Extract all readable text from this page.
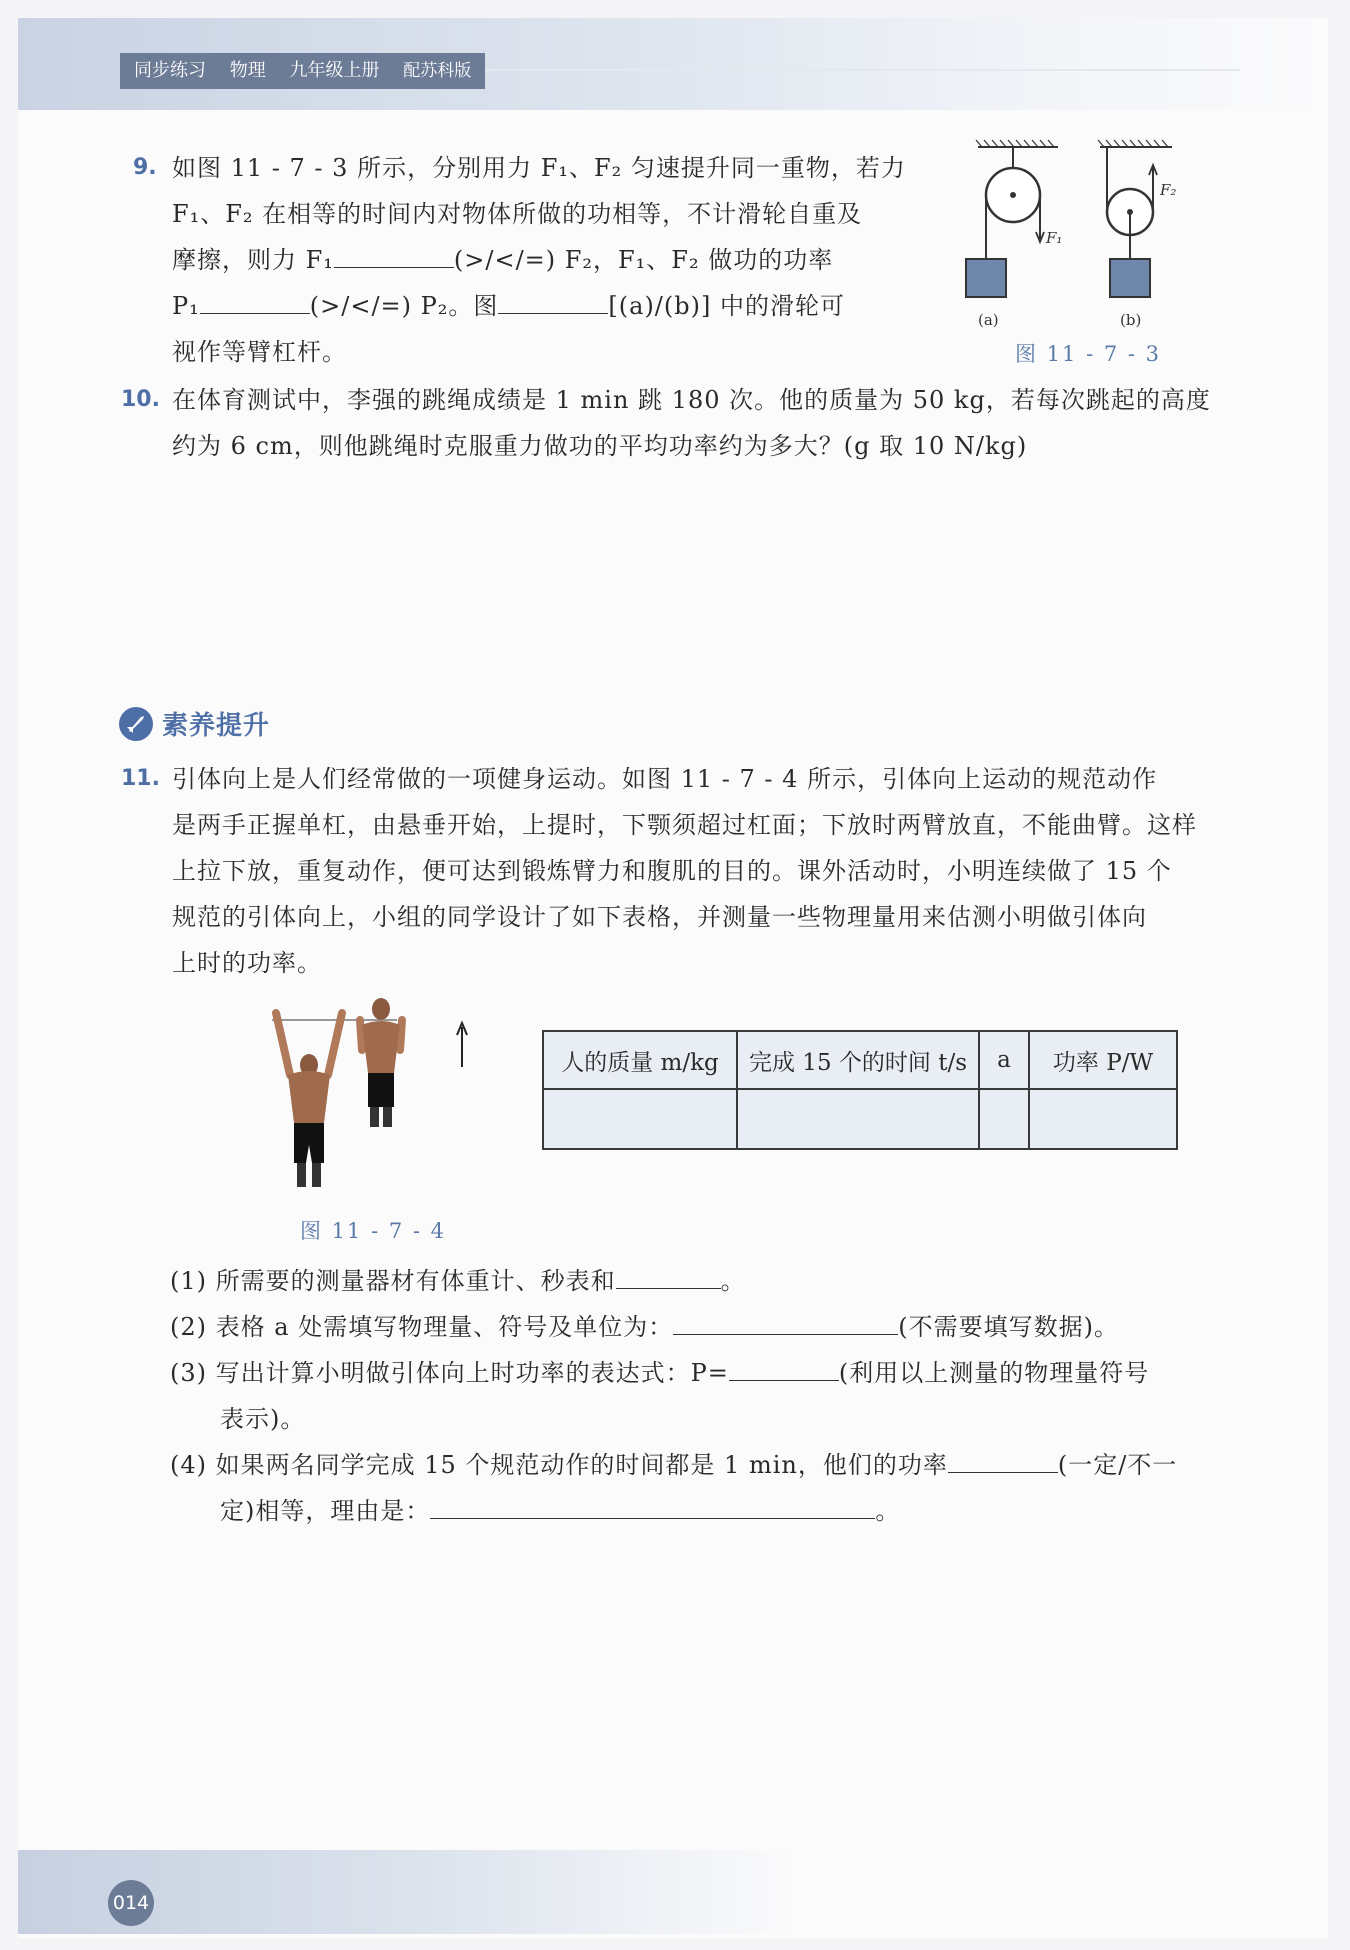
同步练习 物理 九年级上册 配苏科版
9. 如图 11 - 7 - 3 所示，分别用力 F₁、F₂ 匀速提升同一重物，若力
F₁、F₂ 在相等的时间内对物体所做的功相等，不计滑轮自重及
摩擦，则力 F₁	(>/</=) F₂，F₁、F₂ 做功的功率
P₁	(>/</=) P₂。图	[(a)/(b)] 中的滑轮可
视作等臂杠杆。
F₁
(a)
F₂
(b)
图 11 - 7 - 3
10. 在体育测试中，李强的跳绳成绩是 1 min 跳 180 次。他的质量为 50 kg，若每次跳起的高度
约为 6 cm，则他跳绳时克服重力做功的平均功率约为多大？(g 取 10 N/kg)
素养提升
11. 引体向上是人们经常做的一项健身运动。如图 11 - 7 - 4 所示，引体向上运动的规范动作
是两手正握单杠，由悬垂开始，上提时，下颚须超过杠面；下放时两臂放直，不能曲臂。这样
上拉下放，重复动作，便可达到锻炼臂力和腹肌的目的。课外活动时，小明连续做了 15 个
规范的引体向上，小组的同学设计了如下表格，并测量一些物理量用来估测小明做引体向
上时的功率。
图 11 - 7 - 4
人的质量 m/kg	完成 15 个的时间 t/s	a	功率 P/W

(1) 所需要的测量器材有体重计、秒表和	。
(2) 表格 a 处需填写物理量、符号及单位为：	(不需要填写数据)。
(3) 写出计算小明做引体向上时功率的表达式：P=	(利用以上测量的物理量符号
表示)。
(4) 如果两名同学完成 15 个规范动作的时间都是 1 min，他们的功率	(一定/不一
定)相等，理由是：	。
014
